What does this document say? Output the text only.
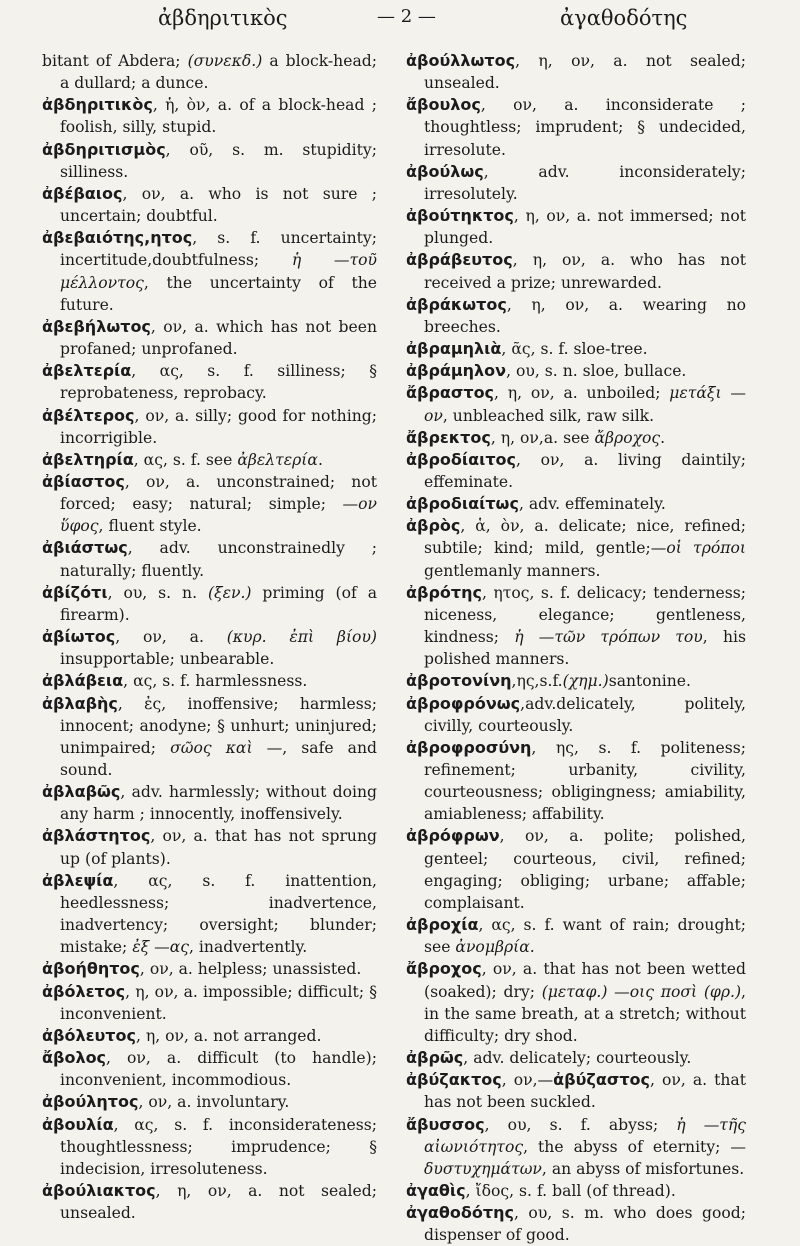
ἀβδηριτικὸς	— 2 —	ἀγαθοδότης

bitant of Abdera; (συνεκδ.) a block-head; a dullard; a dunce.

ἀβδηριτικὸς, ἡ, ὸν, a. of a block-head ; foolish, silly, stupid.

ἀβδηριτισμὸς, οῦ, s. m. stupidity; silliness.

ἀβέβαιος, ον, a. who is not sure ; uncertain; doubtful.

ἀβεβαιότης,ητος, s. f. uncertainty; incertitude,doubtfulness; ἡ —τοῦ μέλλοντος, the uncertainty of the future.

ἀβεβήλωτος, ον, a. which has not been profaned; unprofaned.

ἀβελτερία, ας, s. f. silliness; § reprobateness, reprobacy.

ἀβέλτερος, ον, a. silly; good for nothing; incorrigible.

ἀβελτηρία, ας, s. f. see ἀβελτερία.

ἀβίαστος, ον, a. unconstrained; not forced; easy; natural; simple; —ον ὕφος, fluent style.

ἀβιάστως, adv. unconstrainedly ; naturally; fluently.

ἀβίζότι, ου, s. n. (ξεν.) priming (of a firearm).

ἀβίωτος, ον, a. (κυρ. ἐπὶ βίου) insupportable; unbearable.

ἀβλάβεια, ας, s. f. harmlessness.

ἀβλαβὴς, ἐς, inoffensive; harmless; innocent; anodyne; § unhurt; uninjured; unimpaired; σῶος καὶ —, safe and sound.

ἀβλαβῶς, adv. harmlessly; without doing any harm ; innocently, inoffensively.

ἀβλάστητος, ον, a. that has not sprung up (of plants).

ἀβλεψία, ας, s. f. inattention, heedlessness; inadvertence, inadvertency; oversight; blunder; mistake; ἐξ —ας, inadvertently.

ἀβοήθητος, ον, a. helpless; unassisted.

ἀβόλετος, η, ον, a. impossible; difficult; § inconvenient.

ἀβόλευτος, η, ον, a. not arranged.

ἄβολος, ον, a. difficult (to handle); inconvenient, incommodious.

ἀβούλητος, ον, a. involuntary.

ἀβουλία, ας, s. f. inconsiderateness; thoughtlessness; imprudence; § indecision, irresoluteness.

ἀβούλιακτος, η, ον, a. not sealed; unsealed.

ἀβούλλωτος, η, ον, a. not sealed; unsealed.

ἄβουλος, ον, a. inconsiderate ; thoughtless; imprudent; § undecided, irresolute.

ἀβούλως, adv. inconsiderately; irresolutely.

ἀβούτηκτος, η, ον, a. not immersed; not plunged.

ἀβράβευτος, η, ον, a. who has not received a prize; unrewarded.

ἀβράκωτος, η, ον, a. wearing no breeches.

ἀβραμηλιὰ, ᾶς, s. f. sloe-tree.

ἀβράμηλον, ου, s. n. sloe, bullace.

ἄβραστος, η, ον, a. unboiled; μετάξι —ον, unbleached silk, raw silk.

ἄβρεκτος, η, ον,a. see ἄβροχος.

ἀβροδίαιτος, ον, a. living daintily; effeminate.

ἀβροδιαίτως, adv. effeminately.

ἀβρὸς, ἁ, ὸν, a. delicate; nice, refined; subtile; kind; mild, gentle;—οἱ τρόποι gentlemanly manners.

ἀβρότης, ητος, s. f. delicacy; tenderness; niceness, elegance; gentleness, kindness; ἡ —τῶν τρόπων του, his polished manners.

ἀβροτονίνη,ης,s.f.(χημ.)santonine.

ἀβροφρόνως,adv.delicately, politely, civilly, courteously.

ἀβροφροσύνη, ης, s. f. politeness; refinement; urbanity, civility, courteousness; obligingness; amiability, amiableness; affability.

ἀβρόφρων, ον, a. polite; polished, genteel; courteous, civil, refined; engaging; obliging; urbane; affable; complaisant.

ἀβροχία, ας, s. f. want of rain; drought; see ἀνομβρία.

ἄβροχος, ον, a. that has not been wetted (soaked); dry; (μεταφ.) —οις ποσὶ (φρ.), in the same breath, at a stretch; without difficulty; dry shod.

ἀβρῶς, adv. delicately; courteously.

ἀβύζακτος, ον,—ἀβύζαστος, ον, a. that has not been suckled.

ἄβυσσος, ου, s. f. abyss; ἡ —τῆς αἰωνιότητος, the abyss of eternity; —δυστυχημάτων, an abyss of misfortunes.

ἀγαθὶς, ἴδος, s. f. ball (of thread).

ἀγαθοδότης, ου, s. m. who does good; dispenser of good.
